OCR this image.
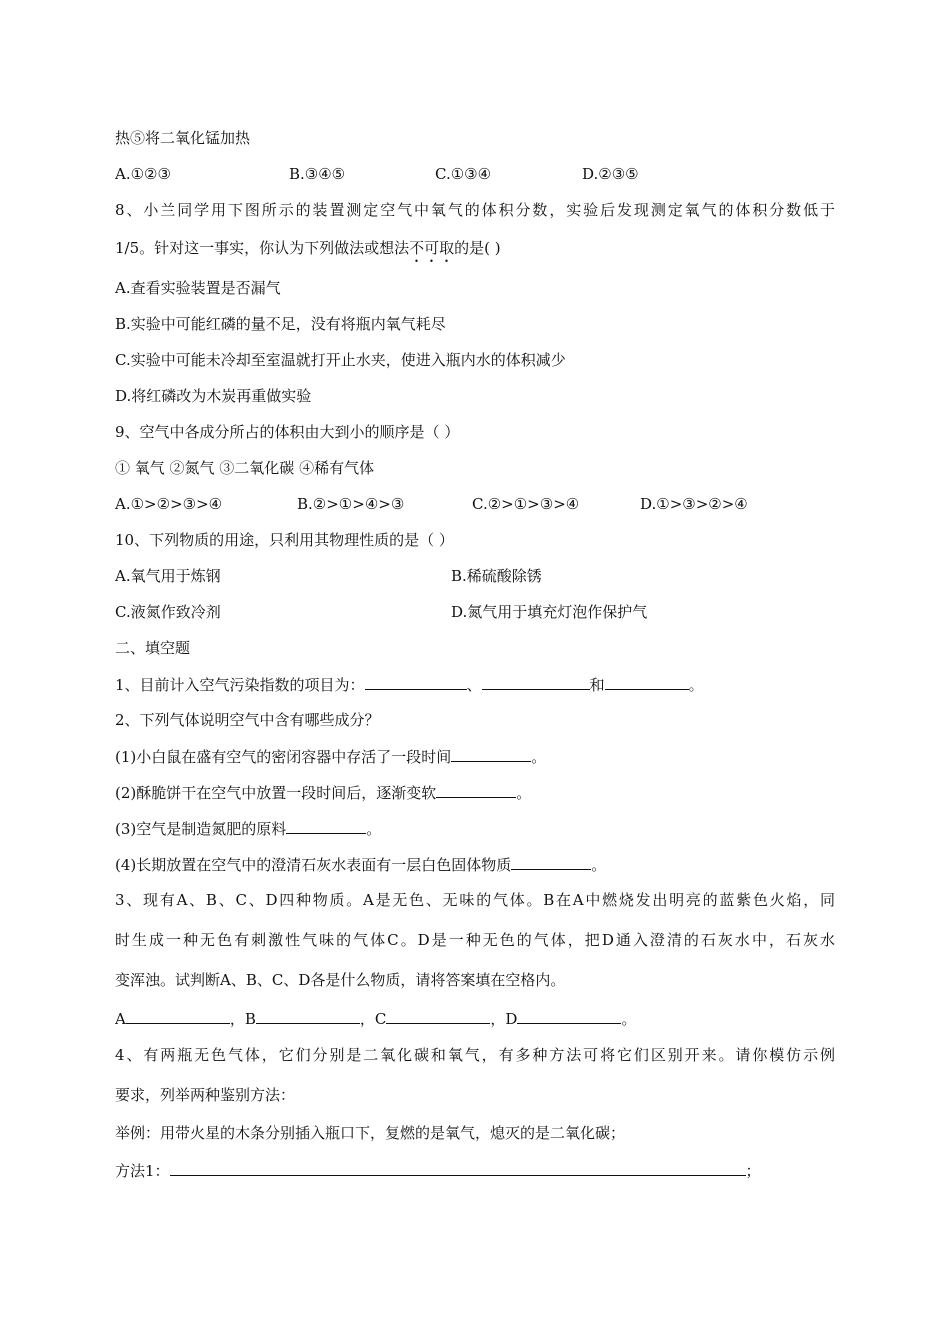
热⑤将二氧化锰加热
A.①②③	B.③④⑤	C.①③④	D.②③⑤
8、小兰同学用下图所示的装置测定空气中氧气的体积分数，实验后发现测定氧气的体积分数低于
1/5。针对这一事实，你认为下列做法或想法不可取的是( )
A.查看实验装置是否漏气
B.实验中可能红磷的量不足，没有将瓶内氧气耗尽
C.实验中可能未冷却至室温就打开止水夹，使进入瓶内水的体积减少
D.将红磷改为木炭再重做实验
9、空气中各成分所占的体积由大到小的顺序是（ ）
① 氧气 ②氮气 ③二氧化碳 ④稀有气体
A.①>②>③>④	B.②>①>④>③	C.②>①>③>④	D.①>③>②>④
10、下列物质的用途，只利用其物理性质的是（ ）
A.氧气用于炼钢	B.稀硫酸除锈
C.液氮作致冷剂	D.氮气用于填充灯泡作保护气
二、填空题
1、目前计入空气污染指数的项目为：	、	和	。
2、下列气体说明空气中含有哪些成分？
(1)小白鼠在盛有空气的密闭容器中存活了一段时间	。
(2)酥脆饼干在空气中放置一段时间后，逐渐变软	。
(3)空气是制造氮肥的原料	。
(4)长期放置在空气中的澄清石灰水表面有一层白色固体物质	。
3、现有A、B、C、D四种物质。A是无色、无味的气体。B在A中燃烧发出明亮的蓝紫色火焰，同
时生成一种无色有刺激性气味的气体C。D是一种无色的气体，把D通入澄清的石灰水中，石灰水
变浑浊。试判断A、B、C、D各是什么物质，请将答案填在空格内。
A	，B	，C	，D	。
4、有两瓶无色气体，它们分别是二氧化碳和氧气，有多种方法可将它们区别开来。请你模仿示例
要求，列举两种鉴别方法：
举例：用带火星的木条分别插入瓶口下，复燃的是氧气，熄灭的是二氧化碳；
方法1：	；
